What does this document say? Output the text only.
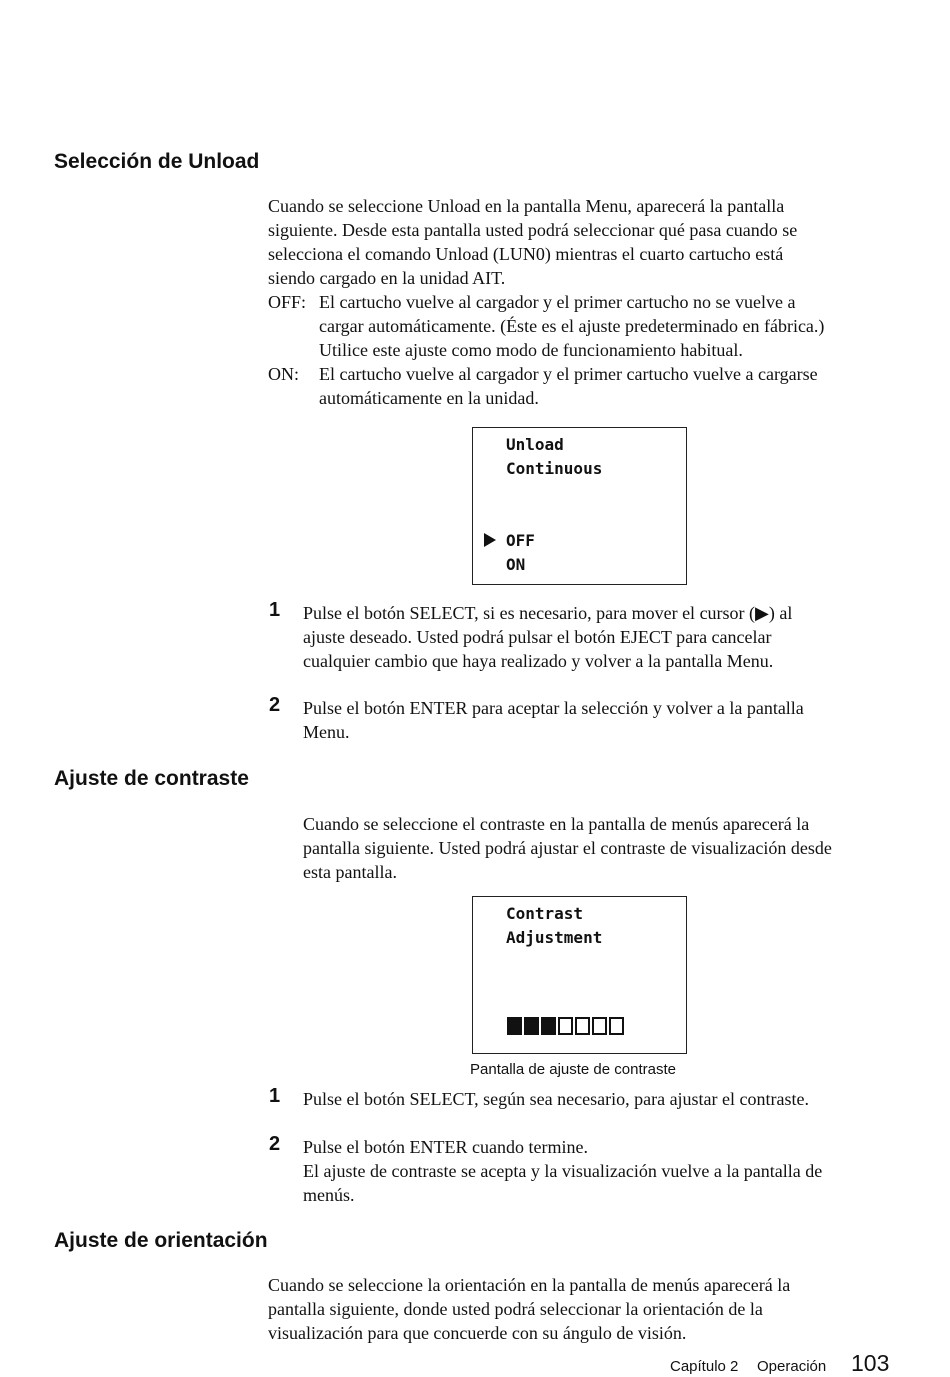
Selección de Unload
Cuando se seleccione Unload en la pantalla Menu, aparecerá la pantalla
siguiente. Desde esta pantalla usted podrá seleccionar qué pasa cuando se
selecciona el comando Unload (LUN0) mientras el cuarto cartucho está
siendo cargado en la unidad AIT.
OFF: El cartucho vuelve al cargador y el primer cartucho no se vuelve a
cargar automáticamente. (Éste es el ajuste predeterminado en fábrica.)
Utilice este ajuste como modo de funcionamiento habitual.
ON: El cartucho vuelve al cargador y el primer cartucho vuelve a cargarse
automáticamente en la unidad.
Unload
Continuous
OFF
ON
1 Pulse el botón SELECT, si es necesario, para mover el cursor (▶) al
ajuste deseado. Usted podrá pulsar el botón EJECT para cancelar
cualquier cambio que haya realizado y volver a la pantalla Menu.
2 Pulse el botón ENTER para aceptar la selección y volver a la pantalla
Menu.
Ajuste de contraste
Cuando se seleccione el contraste en la pantalla de menús aparecerá la
pantalla siguiente. Usted podrá ajustar el contraste de visualización desde
esta pantalla.
Contrast
Adjustment
Pantalla de ajuste de contraste
1 Pulse el botón SELECT, según sea necesario, para ajustar el contraste.
2 Pulse el botón ENTER cuando termine.
El ajuste de contraste se acepta y la visualización vuelve a la pantalla de
menús.
Ajuste de orientación
Cuando se seleccione la orientación en la pantalla de menús aparecerá la
pantalla siguiente, donde usted podrá seleccionar la orientación de la
visualización para que concuerde con su ángulo de visión.
Capítulo 2 Operación 103
